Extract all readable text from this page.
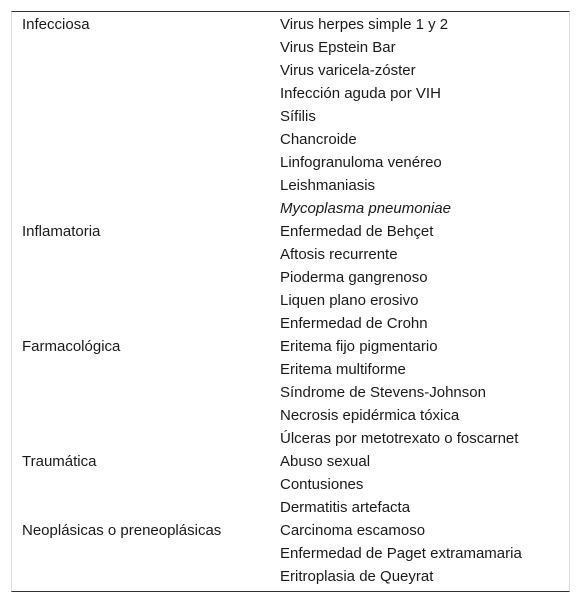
Infecciosa	Virus herpes simple 1 y 2
Virus Epstein Bar
Virus varicela-zóster
Infección aguda por VIH
Sífilis
Chancroide
Linfogranuloma venéreo
Leishmaniasis
Mycoplasma pneumoniae
Inflamatoria	Enfermedad de Behçet
Aftosis recurrente
Pioderma gangrenoso
Liquen plano erosivo
Enfermedad de Crohn
Farmacológica	Eritema fijo pigmentario
Eritema multiforme
Síndrome de Stevens-Johnson
Necrosis epidérmica tóxica
Úlceras por metotrexato o foscarnet
Traumática	Abuso sexual
Contusiones
Dermatitis artefacta
Neoplásicas o preneoplásicas	Carcinoma escamoso
Enfermedad de Paget extramamaria
Eritroplasia de Queyrat
